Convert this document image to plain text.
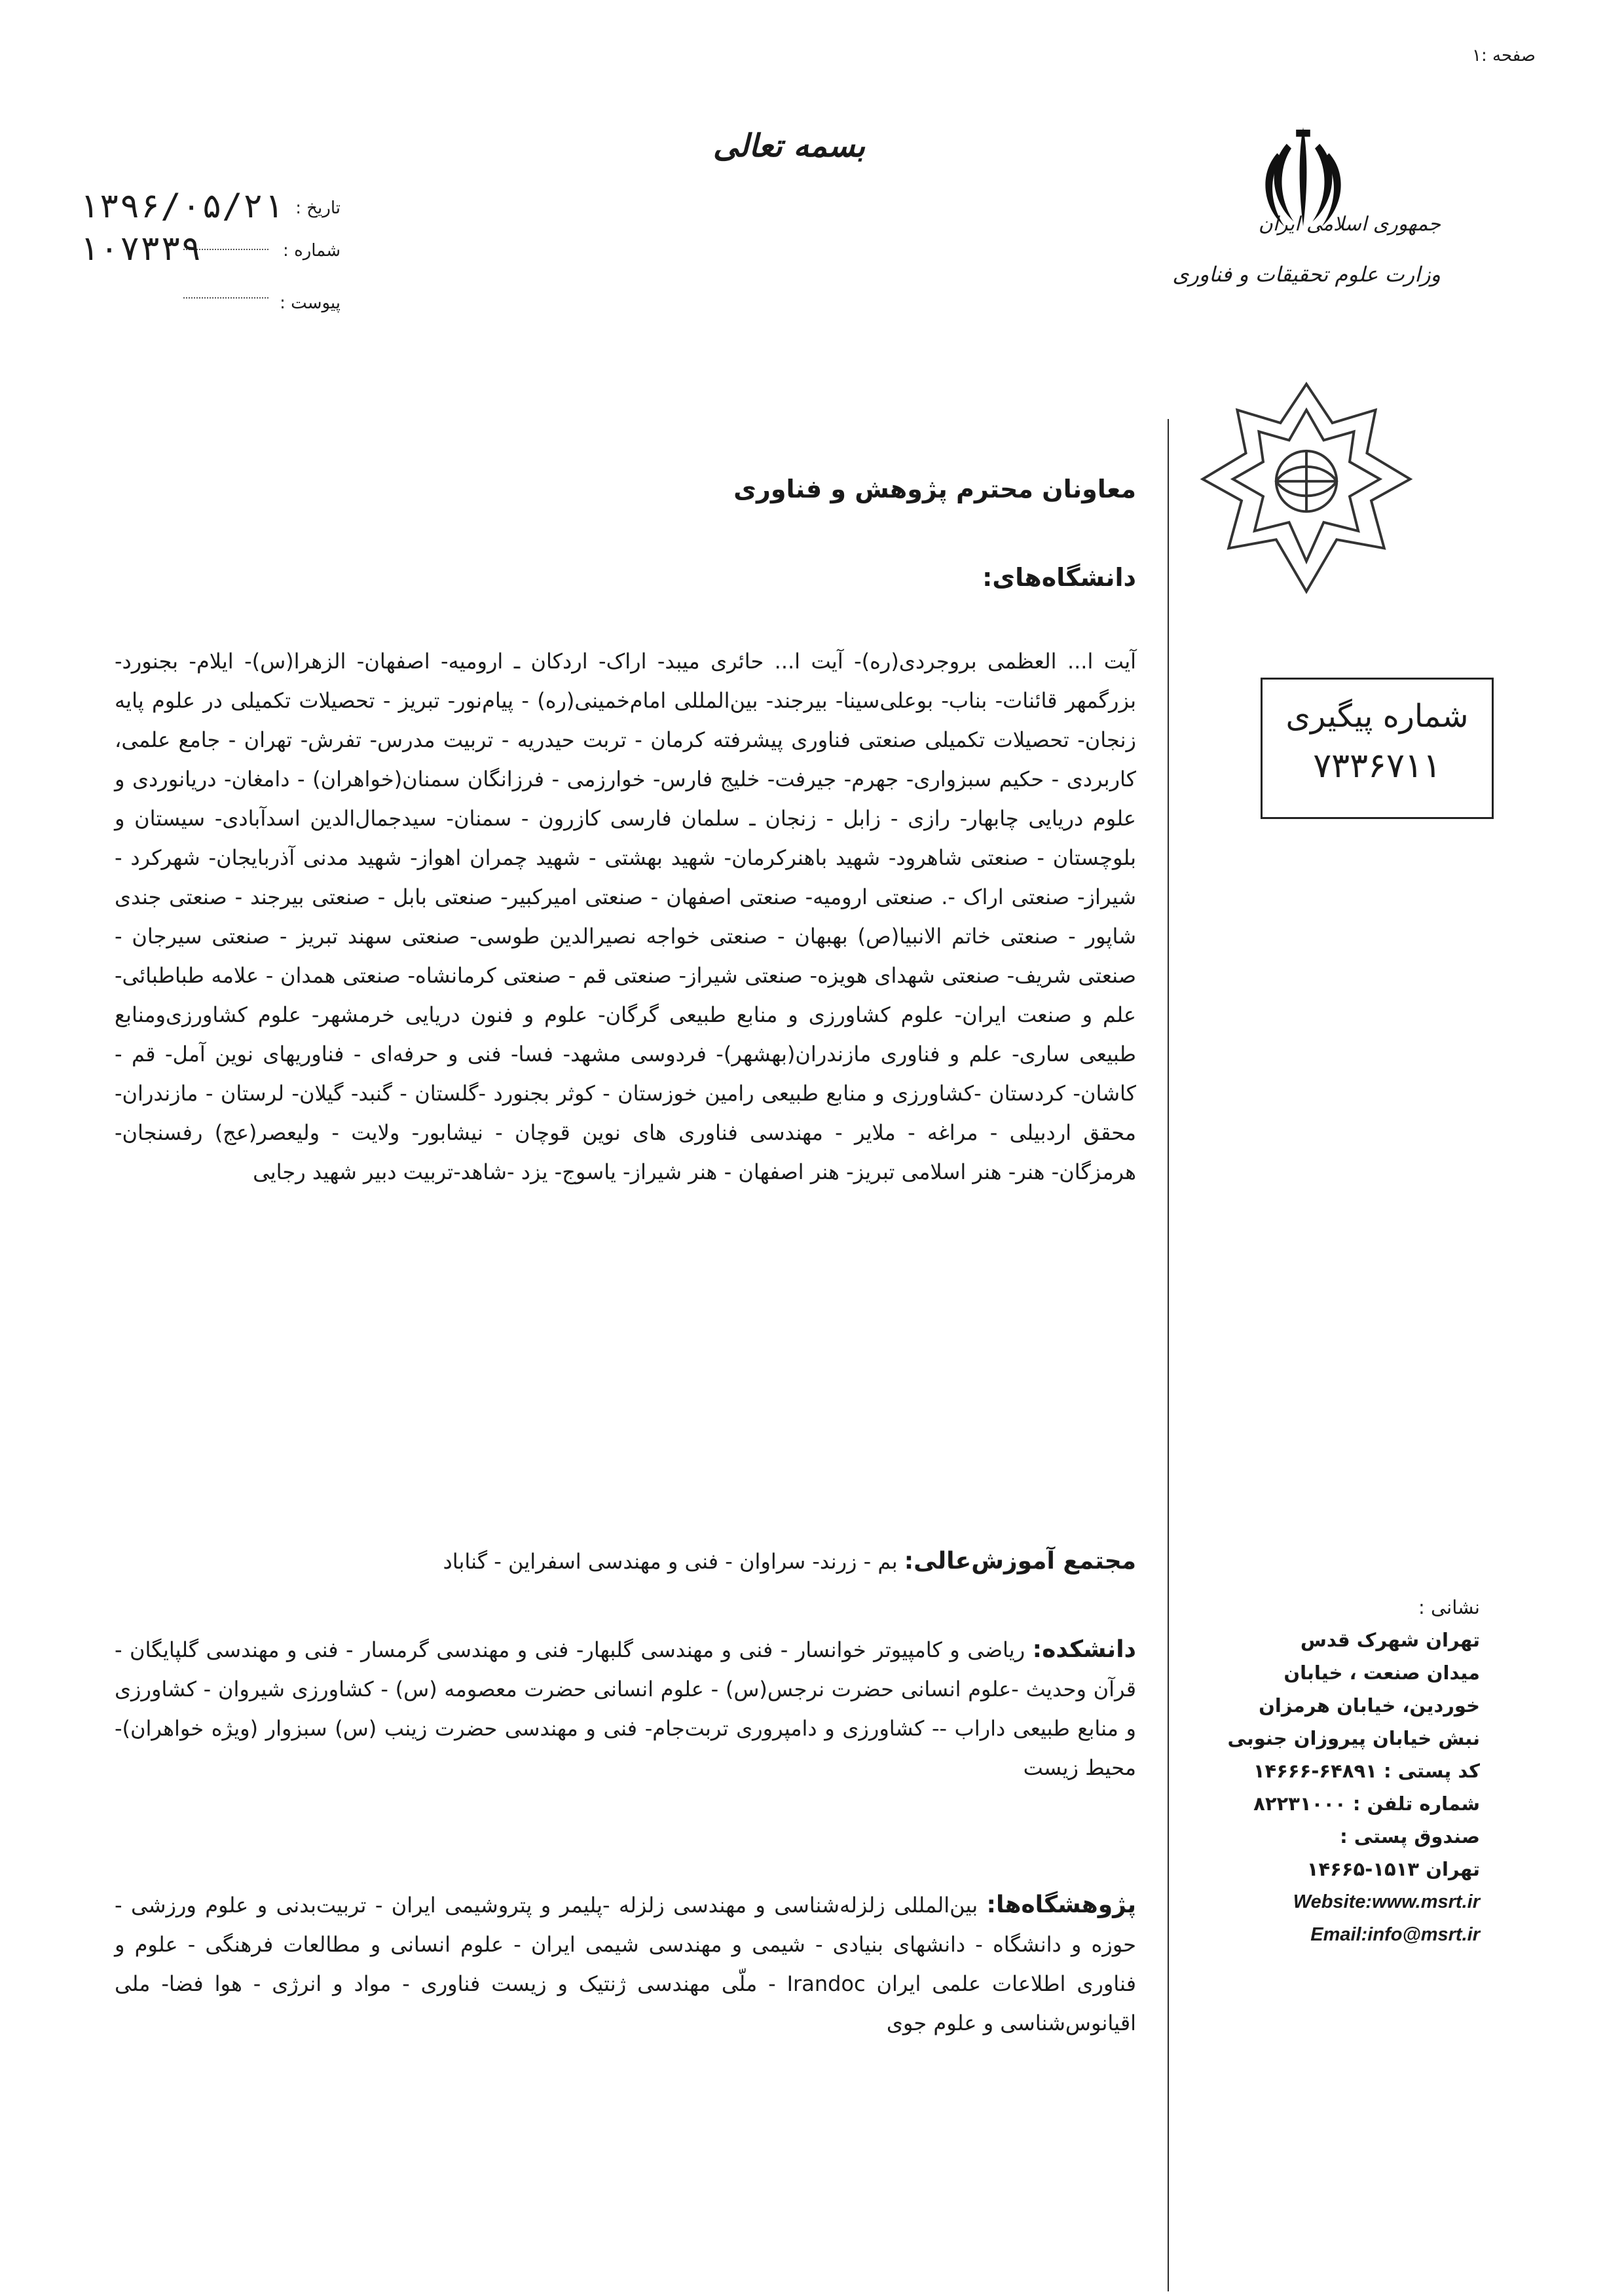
صفحه :۱
بسمه تعالی
جمهوری اسلامی ایران
وزارت علوم تحقیقات و فناوری
تاریخ :
۱۳۹۶/۰۵/۲۱
شماره :
۱۰۷۳۳۹
پیوست :
شماره پیگیری
۷۳۳۶۷۱۱
معاونان محترم پژوهش و فناوری
دانشگاه‌های:
آیت ا... العظمی بروجردی(ره)- آیت ا... حائری میبد- اراک- اردکان ـ ارومیه- اصفهان- الزهرا(س)- ایلام- بجنورد- بزرگمهر قائنات- بناب- بوعلی‌سینا- بیرجند- بین‌المللی امام‌خمینی(ره) - پیام‌نور- تبریز - تحصیلات تکمیلی در علوم پایه زنجان- تحصیلات تکمیلی صنعتی فناوری پیشرفته کرمان - تربت حیدریه - تربیت مدرس- تفرش- تهران - جامع علمی، کاربردی - حکیم سبزواری- جهرم- جیرفت- خلیج فارس- خوارزمی - فرزانگان سمنان(خواهران) - دامغان- دریانوردی و علوم دریایی چابهار- رازی - زابل - زنجان ـ سلمان فارسی کازرون - سمنان- سیدجمال‌الدین اسدآبادی- سیستان و بلوچستان - صنعتی شاهرود- شهید باهنرکرمان- شهید بهشتی - شهید چمران اهواز- شهید مدنی آذربایجان- شهرکرد - شیراز- صنعتی اراک -. صنعتی ارومیه- صنعتی اصفهان - صنعتی امیرکبیر- صنعتی بابل - صنعتی بیرجند - صنعتی جندی شاپور - صنعتی خاتم الانبیا(ص) بهبهان - صنعتی خواجه نصیرالدین طوسی- صنعتی سهند تبریز - صنعتی سیرجان - صنعتی شریف- صنعتی شهدای هویزه- صنعتی شیراز- صنعتی قم - صنعتی کرمانشاه- صنعتی همدان - علامه طباطبائی- علم و صنعت ایران- علوم کشاورزی و منابع طبیعی گرگان- علوم و فنون دریایی خرمشهر- علوم کشاورزی‌ومنابع طبیعی ساری- علم و فناوری مازندران(بهشهر)- فردوسی مشهد- فسا- فنی و حرفه‌ای - فناوریهای نوین آمل- قم - کاشان- کردستان -کشاورزی و منابع طبیعی رامین خوزستان - کوثر بجنورد -گلستان - گنبد- گیلان- لرستان - مازندران- محقق اردبیلی - مراغه - ملایر - مهندسی فناوری های نوین قوچان - نیشابور- ولایت - ولیعصر(عج) رفسنجان- هرمزگان- هنر- هنر اسلامی تبریز- هنر اصفهان - هنر شیراز- یاسوج- یزد -شاهد-تربیت دبیر شهید رجایی
مجتمع آموزش‌عالی: بم - زرند- سراوان - فنی و مهندسی اسفراین - گناباد
دانشکده: ریاضی و کامپیوتر خوانسار - فنی و مهندسی گلبهار- فنی و مهندسی گرمسار - فنی و مهندسی گلپایگان - قرآن وحدیث -علوم انسانی حضرت نرجس(س) - علوم انسانی حضرت معصومه (س) - کشاورزی شیروان - کشاورزی و منابع طبیعی داراب -- کشاورزی و دامپروری تربت‌جام- فنی و مهندسی حضرت زینب (س) سبزوار (ویژه خواهران)- محیط زیست
پژوهشگاه‌ها: بین‌المللی زلزله‌شناسی و مهندسی زلزله -پلیمر و پتروشیمی ایران - تربیت‌بدنی و علوم ورزشی - حوزه و دانشگاه - دانشهای بنیادی - شیمی و مهندسی شیمی ایران - علوم انسانی و مطالعات فرهنگی - علوم و فناوری اطلاعات علمی ایران Irandoc - ملّی مهندسی ژنتیک و زیست فناوری - مواد و انرژی - هوا فضا- ملی اقیانوس‌شناسی و علوم جوی
نشانی :
تهران شهرک قدس
میدان صنعت ، خیابان
خوردین، خیابان هرمزان
نبش خیابان پیروزان جنوبی
کد پستی : ۶۴۸۹۱-۱۴۶۶۶
شماره تلفن : ۸۲۲۳۱۰۰۰
صندوق پستی :
تهران ۱۵۱۳-۱۴۶۶۵
Website:www.msrt.ir
Email:info@msrt.ir
